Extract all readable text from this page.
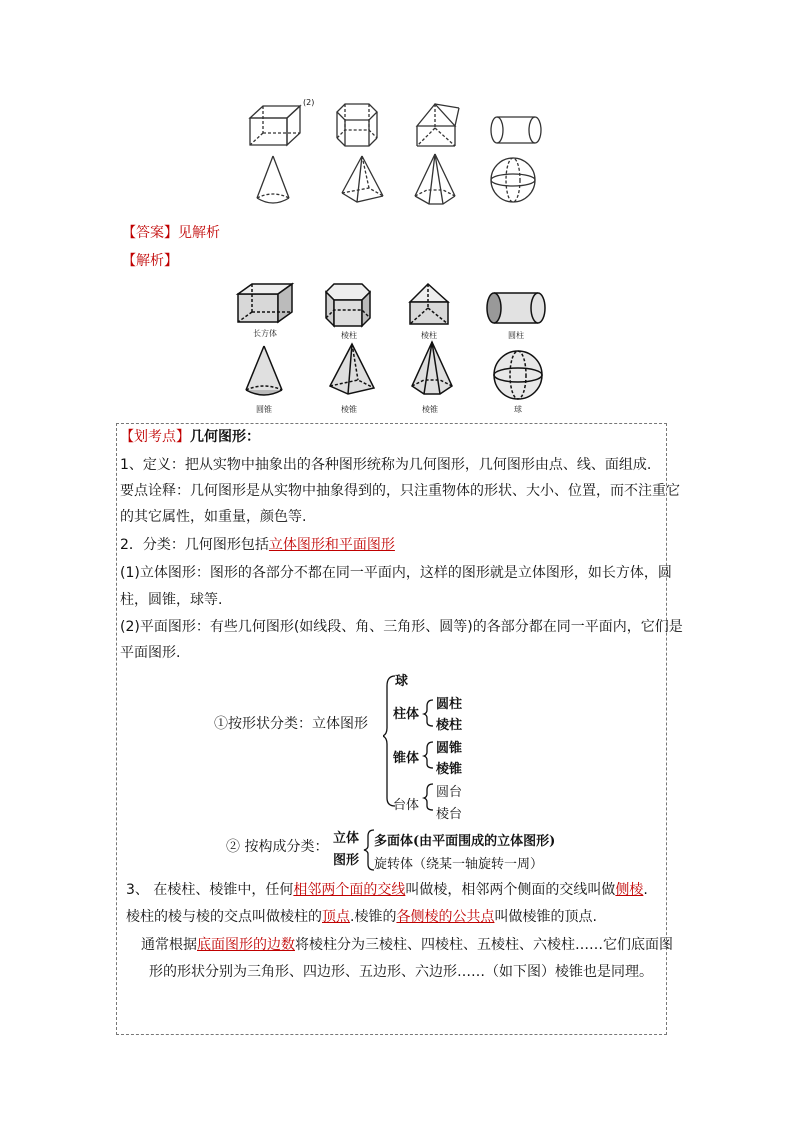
(2)
【答案】见解析
【解析】
长方体	棱柱	棱柱	圆柱
圆锥	棱锥	棱锥	球
【划考点】几何图形：
1、定义：把从实物中抽象出的各种图形统称为几何图形，几何图形由点、线、面组成.
要点诠释：几何图形是从实物中抽象得到的，只注重物体的形状、大小、位置，而不注重它
的其它属性，如重量，颜色等.
2．分类：几何图形包括立体图形和平面图形
(1)立体图形：图形的各部分不都在同一平面内，这样的图形就是立体图形，如长方体，圆
柱，圆锥，球等.
(2)平面图形：有些几何图形(如线段、角、三角形、圆等)的各部分都在同一平面内，它们是
平面图形.
①按形状分类：立体图形
球
柱体
圆柱
棱柱
锥体
圆锥
棱锥
台体
圆台
棱台
② 按构成分类：
立体
图形
多面体(由平面围成的立体图形)
旋转体（绕某一轴旋转一周）
3、 在棱柱、棱锥中，任何相邻两个面的交线叫做棱，相邻两个侧面的交线叫做侧棱.
棱柱的棱与棱的交点叫做棱柱的顶点.棱锥的各侧棱的公共点叫做棱锥的顶点.
通常根据底面图形的边数将棱柱分为三棱柱、四棱柱、五棱柱、六棱柱……它们底面图
形的形状分别为三角形、四边形、五边形、六边形……（如下图）棱锥也是同理。
